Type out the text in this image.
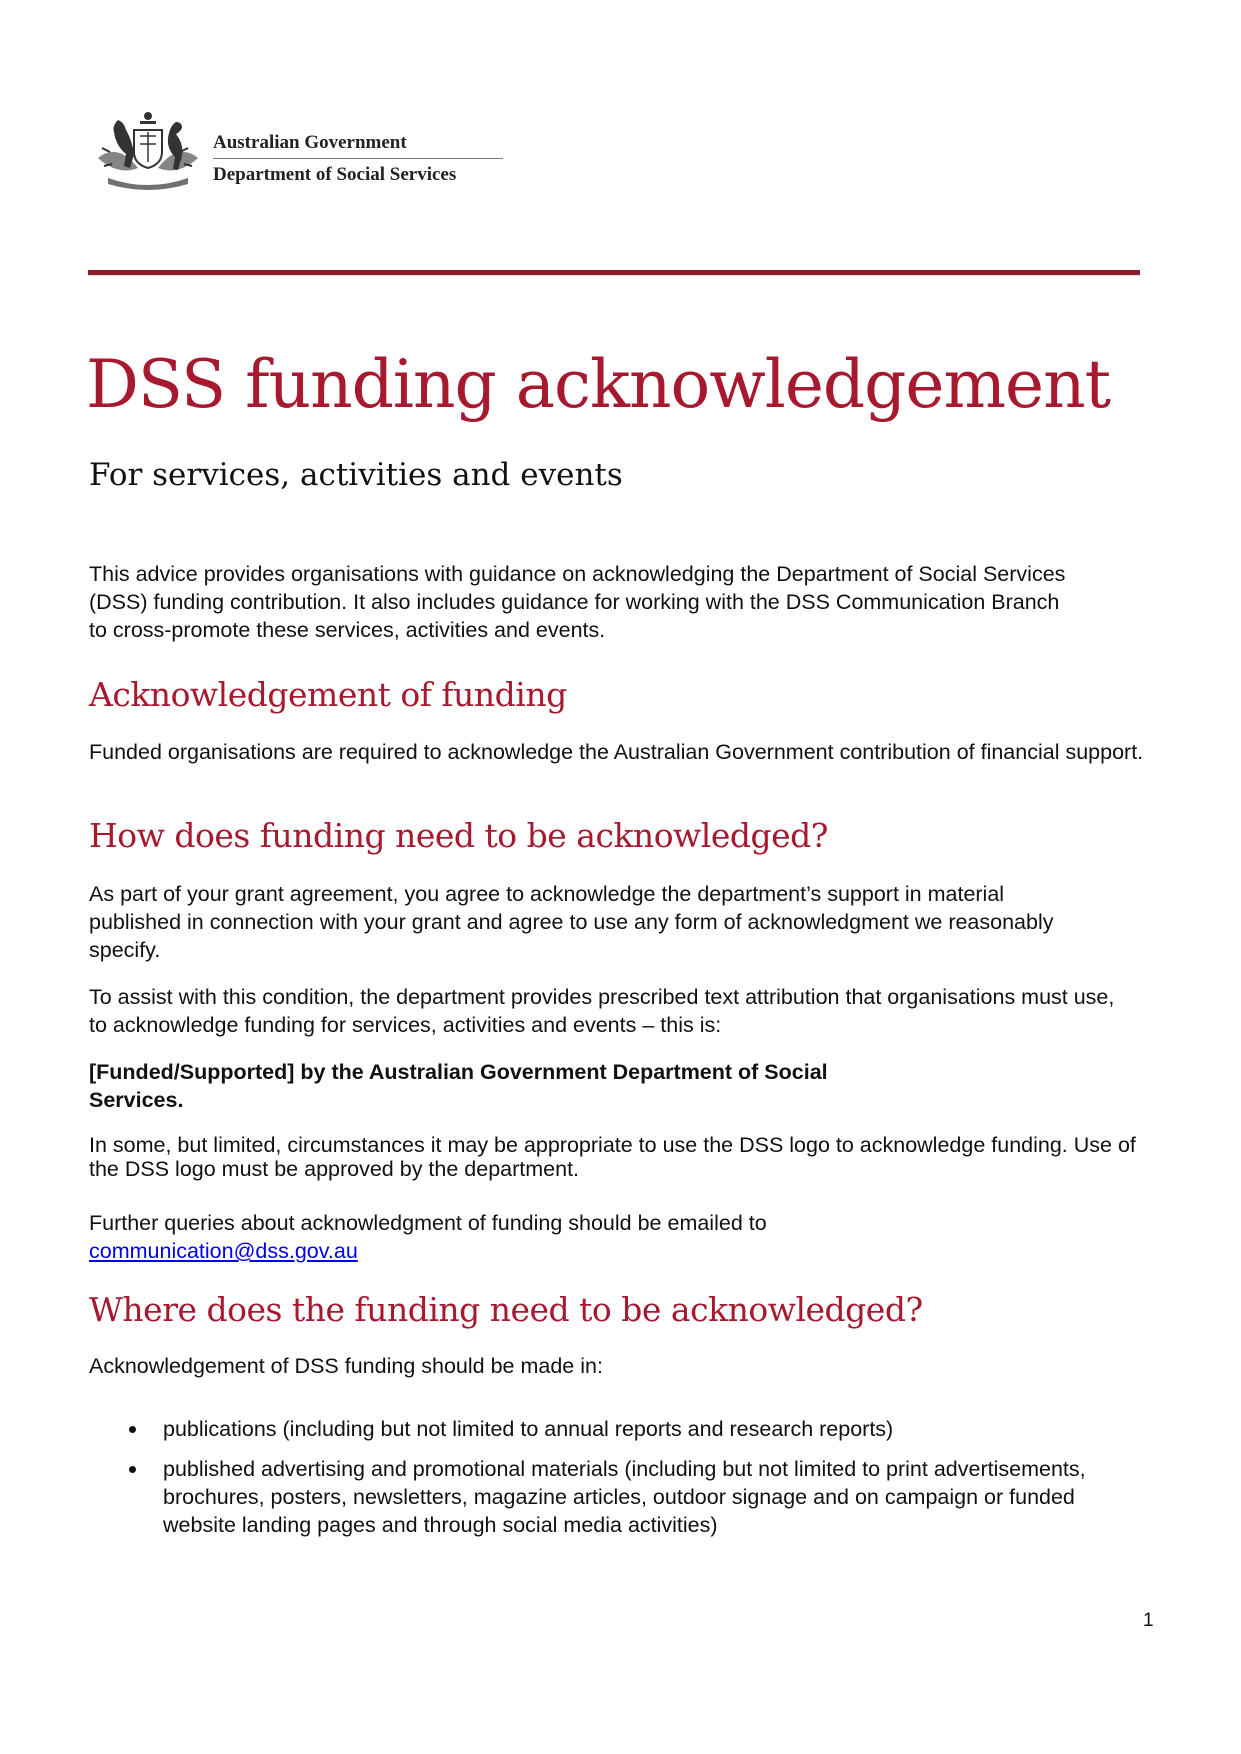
Australian Government
Department of Social Services
DSS funding acknowledgement
For services, activities and events

This advice provides organisations with guidance on acknowledging the Department of Social Services (DSS) funding contribution. It also includes guidance for working with the DSS Communication Branch to cross-promote these services, activities and events.

Acknowledgement of funding

Funded organisations are required to acknowledge the Australian Government contribution of financial support.

How does funding need to be acknowledged?

As part of your grant agreement, you agree to acknowledge the department’s support in material published in connection with your grant and agree to use any form of acknowledgment we reasonably specify.

To assist with this condition, the department provides prescribed text attribution that organisations must use, to acknowledge funding for services, activities and events – this is:

[Funded/Supported] by the Australian Government Department of Social Services.

In some, but limited, circumstances it may be appropriate to use the DSS logo to acknowledge funding. Use of the DSS logo must be approved by the department.

Further queries about acknowledgment of funding should be emailed to
communication@dss.gov.au

Where does the funding need to be acknowledged?

Acknowledgement of DSS funding should be made in:

publications (including but not limited to annual reports and research reports)
published advertising and promotional materials (including but not limited to print advertisements, brochures, posters, newsletters, magazine articles, outdoor signage and on campaign or funded website landing pages and through social media activities)
1
